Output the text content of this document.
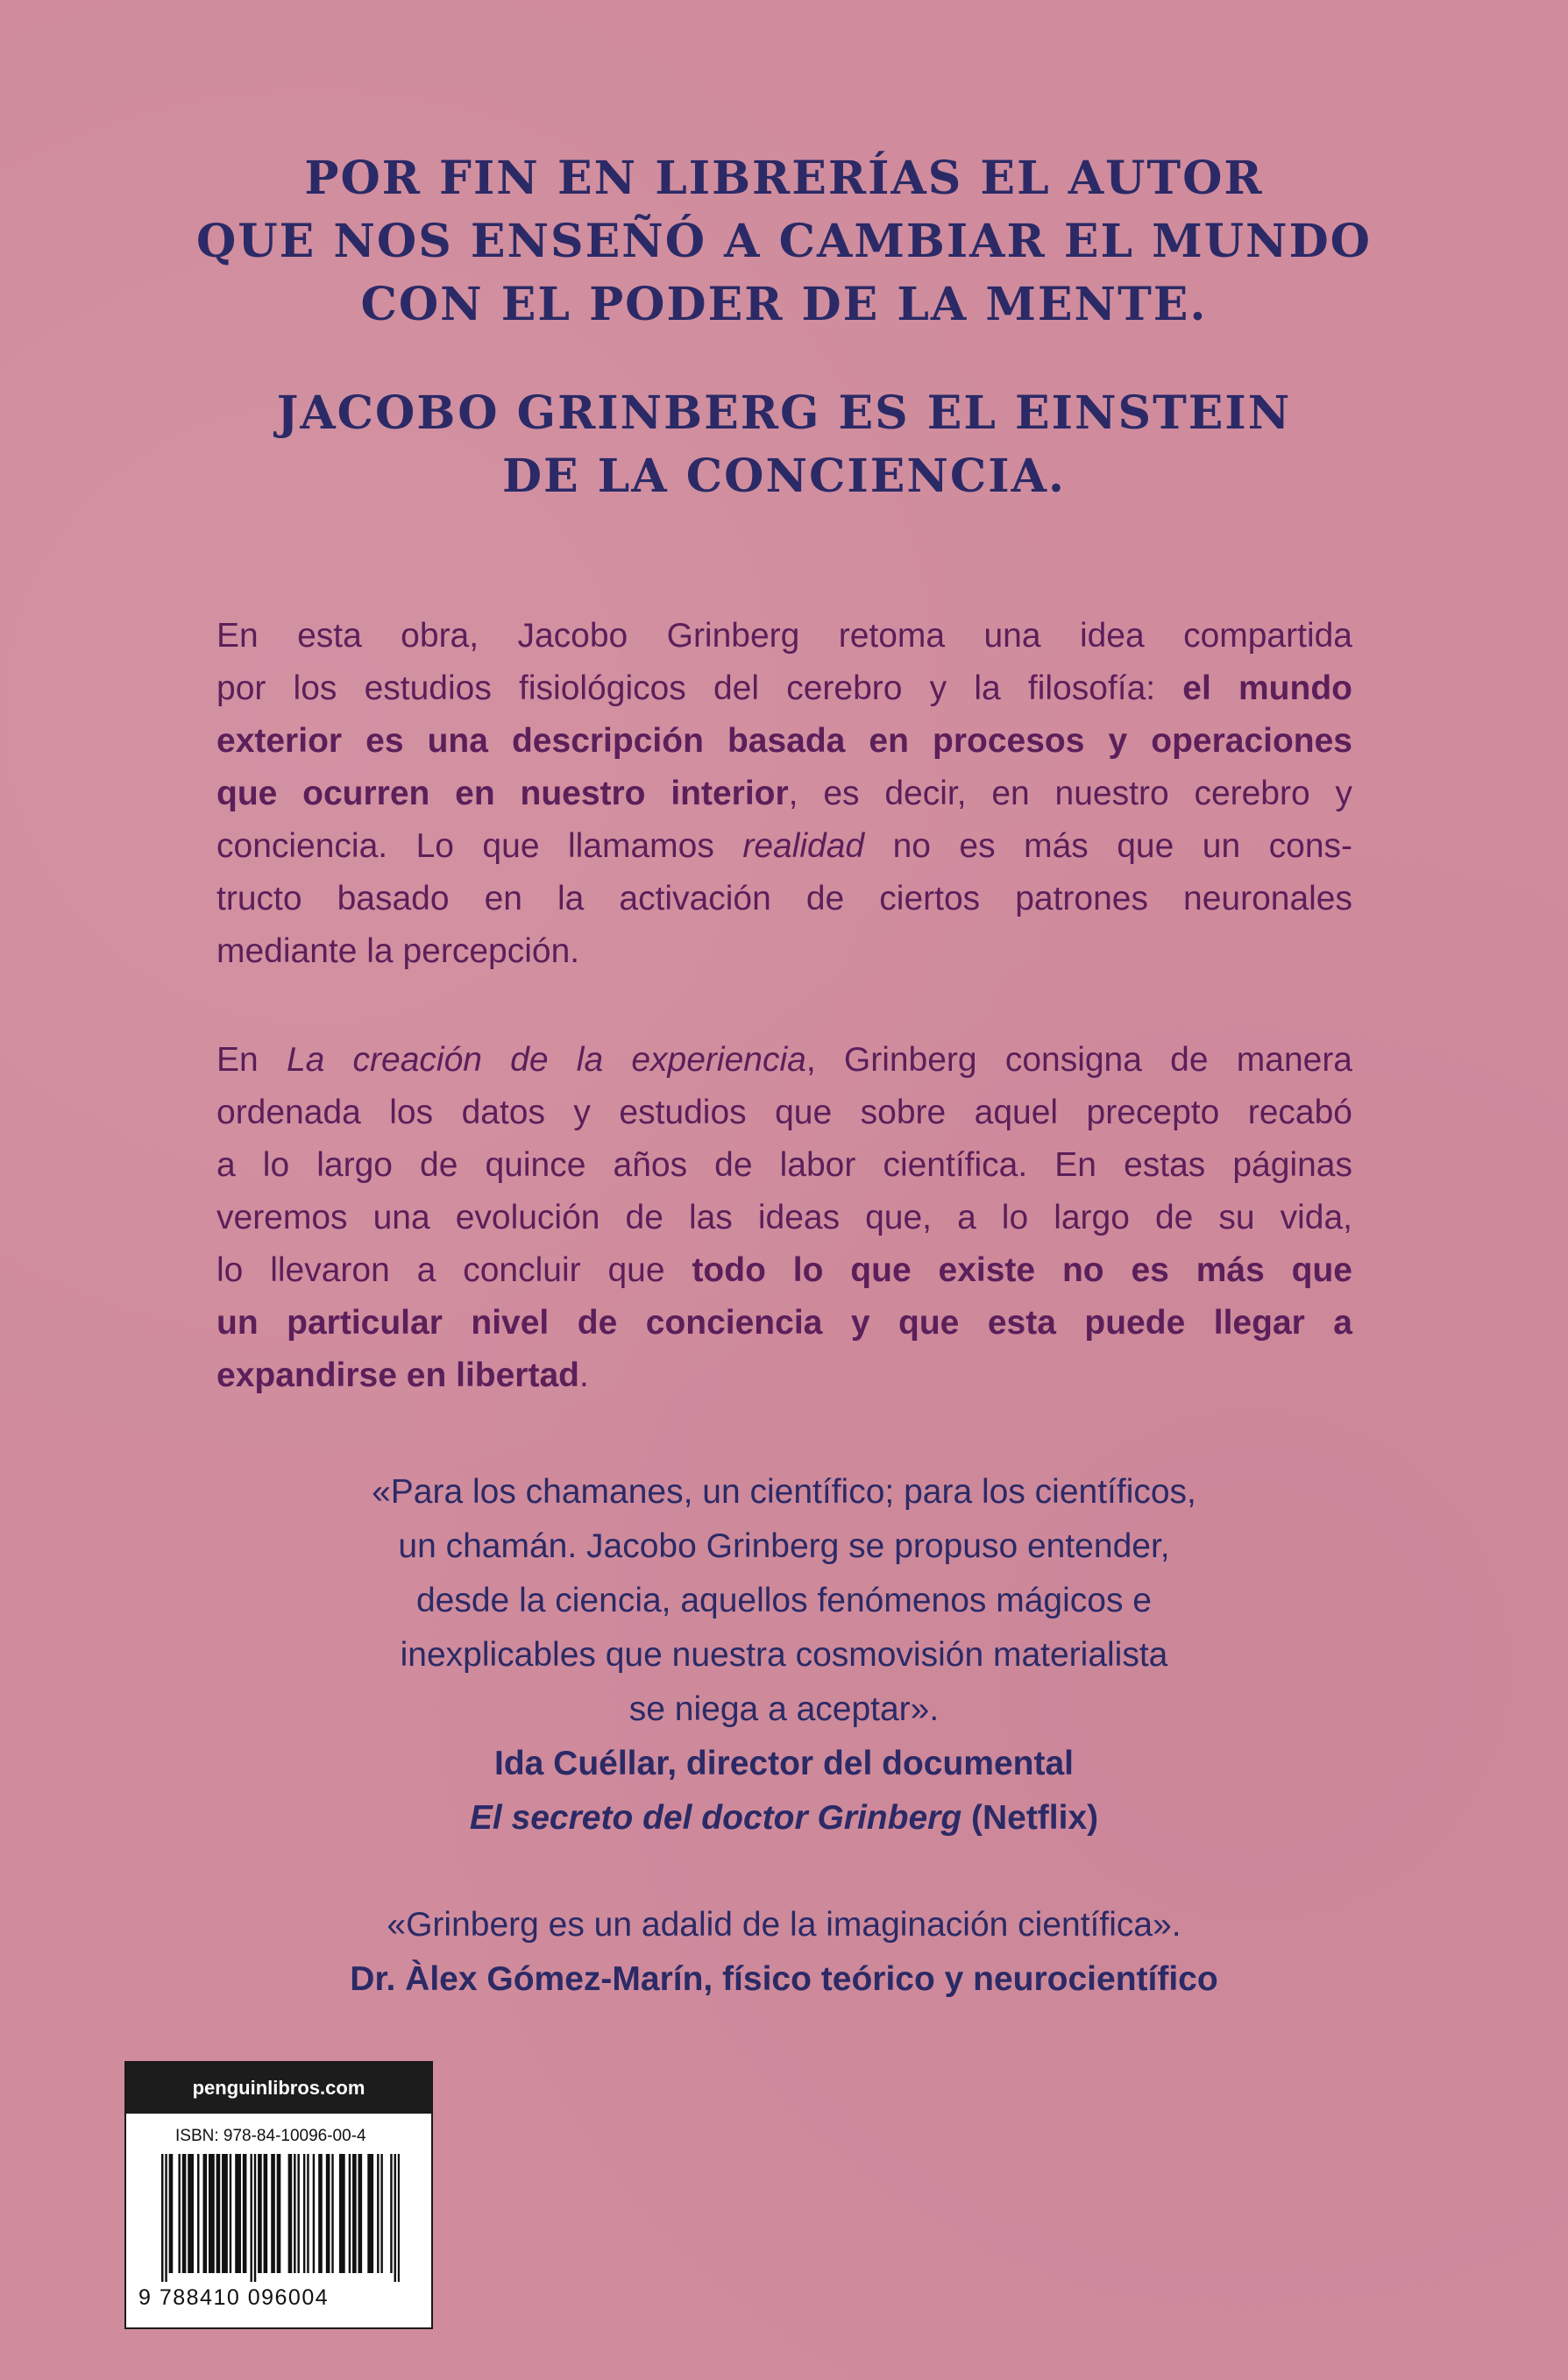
POR FIN EN LIBRERÍAS EL AUTOR
QUE NOS ENSEÑÓ A CAMBIAR EL MUNDO
CON EL PODER DE LA MENTE.
JACOBO GRINBERG ES EL EINSTEIN
DE LA CONCIENCIA.
En esta obra, Jacobo Grinberg retoma una idea compartida
por los estudios fisiológicos del cerebro y la filosofía: el mundo
exterior es una descripción basada en procesos y operaciones
que ocurren en nuestro interior, es decir, en nuestro cerebro y
conciencia. Lo que llamamos realidad no es más que un cons-
tructo basado en la activación de ciertos patrones neuronales
mediante la percepción.
En La creación de la experiencia, Grinberg consigna de manera
ordenada los datos y estudios que sobre aquel precepto recabó
a lo largo de quince años de labor científica. En estas páginas
veremos una evolución de las ideas que, a lo largo de su vida,
lo llevaron a concluir que todo lo que existe no es más que
un particular nivel de conciencia y que esta puede llegar a
expandirse en libertad.
«Para los chamanes, un científico; para los científicos,
un chamán. Jacobo Grinberg se propuso entender,
desde la ciencia, aquellos fenómenos mágicos e
inexplicables que nuestra cosmovisión materialista
se niega a aceptar».
Ida Cuéllar, director del documental
El secreto del doctor Grinberg (Netflix)
«Grinberg es un adalid de la imaginación científica».
Dr. Àlex Gómez-Marín, físico teórico y neurocientífico
penguinlibros.com
ISBN: 978-84-10096-00-4
9 788410 096004
